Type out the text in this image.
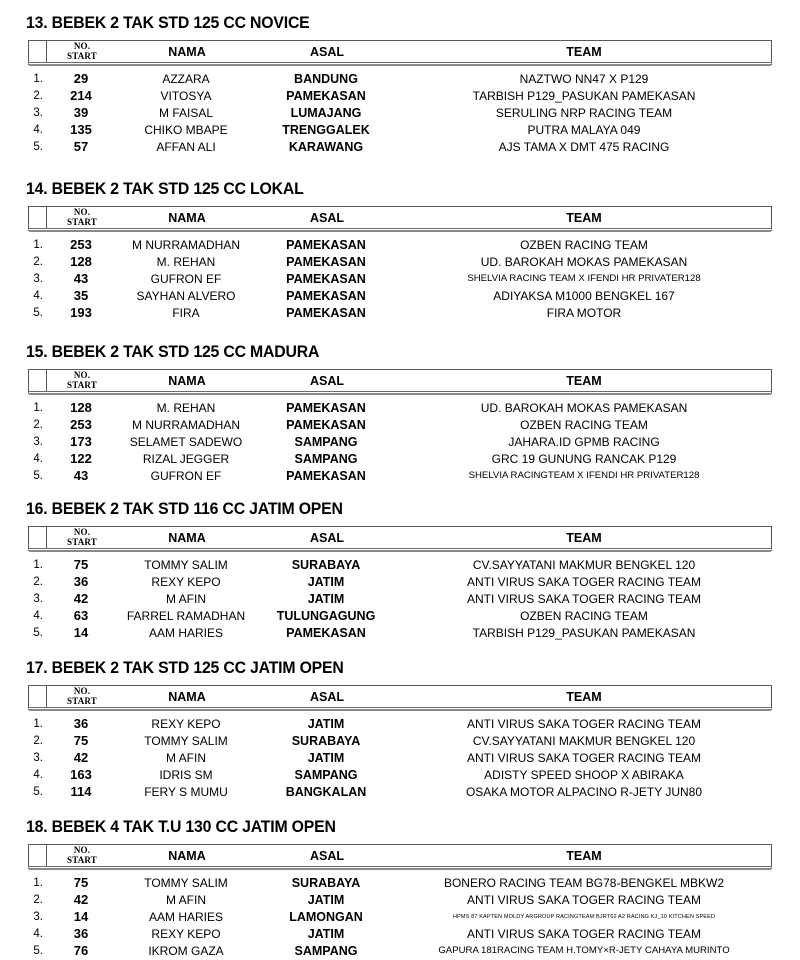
13. BEBEK 2 TAK STD 125 CC NOVICE
NO.
START	NAMA	ASAL	TEAM
1.	29	AZZARA	BANDUNG	NAZTWO NN47 X P129
2.	214	VITOSYA	PAMEKASAN	TARBISH P129_PASUKAN PAMEKASAN
3.	39	M FAISAL	LUMAJANG	SERULING NRP RACING TEAM
4.	135	CHIKO MBAPE	TRENGGALEK	PUTRA MALAYA 049
5.	57	AFFAN ALI	KARAWANG	AJS TAMA X DMT 475 RACING
14. BEBEK 2 TAK STD 125 CC LOKAL
NO.
START	NAMA	ASAL	TEAM
1.	253	M NURRAMADHAN	PAMEKASAN	OZBEN RACING TEAM
2.	128	M. REHAN	PAMEKASAN	UD. BAROKAH MOKAS PAMEKASAN
3.	43	GUFRON EF	PAMEKASAN	SHELVIA RACING TEAM X IFENDI HR PRIVATER128
4.	35	SAYHAN ALVERO	PAMEKASAN	ADIYAKSA M1000 BENGKEL 167
5.	193	FIRA	PAMEKASAN	FIRA MOTOR
15. BEBEK 2 TAK STD 125 CC MADURA
NO.
START	NAMA	ASAL	TEAM
1.	128	M. REHAN	PAMEKASAN	UD. BAROKAH MOKAS PAMEKASAN
2.	253	M NURRAMADHAN	PAMEKASAN	OZBEN RACING TEAM
3.	173	SELAMET SADEWO	SAMPANG	JAHARA.ID GPMB RACING
4.	122	RIZAL JEGGER	SAMPANG	GRC 19 GUNUNG RANCAK P129
5.	43	GUFRON EF	PAMEKASAN	SHELVIA RACINGTEAM X IFENDI HR PRIVATER128
16. BEBEK 2 TAK STD 116 CC JATIM OPEN
NO.
START	NAMA	ASAL	TEAM
1.	75	TOMMY SALIM	SURABAYA	CV.SAYYATANI MAKMUR BENGKEL 120
2.	36	REXY KEPO	JATIM	ANTI VIRUS SAKA TOGER RACING TEAM
3.	42	M AFIN	JATIM	ANTI VIRUS SAKA TOGER RACING TEAM
4.	63	FARREL RAMADHAN	TULUNGAGUNG	OZBEN RACING TEAM
5.	14	AAM HARIES	PAMEKASAN	TARBISH P129_PASUKAN PAMEKASAN
17. BEBEK 2 TAK STD 125 CC JATIM OPEN
NO.
START	NAMA	ASAL	TEAM
1.	36	REXY KEPO	JATIM	ANTI VIRUS SAKA TOGER RACING TEAM
2.	75	TOMMY SALIM	SURABAYA	CV.SAYYATANI MAKMUR BENGKEL 120
3.	42	M AFIN	JATIM	ANTI VIRUS SAKA TOGER RACING TEAM
4.	163	IDRIS SM	SAMPANG	ADISTY SPEED SHOOP X ABIRAKA
5.	114	FERY S MUMU	BANGKALAN	OSAKA MOTOR ALPACINO R-JETY JUN80
18. BEBEK 4 TAK T.U 130 CC JATIM OPEN
NO.
START	NAMA	ASAL	TEAM
1.	75	TOMMY SALIM	SURABAYA	BONERO RACING TEAM BG78-BENGKEL MBKW2
2.	42	M AFIN	JATIM	ANTI VIRUS SAKA TOGER RACING TEAM
3.	14	AAM HARIES	LAMONGAN	HPMS 87 KAPTEN MOLDY ARGROUP RACINGTEAM BJRT62 A2 RACING KJ_10 KITCHEN SPEED
4.	36	REXY KEPO	JATIM	ANTI VIRUS SAKA TOGER RACING TEAM
5.	76	IKROM GAZA	SAMPANG	GAPURA 181RACING TEAM H.TOMY×R-JETY CAHAYA MURINTO
